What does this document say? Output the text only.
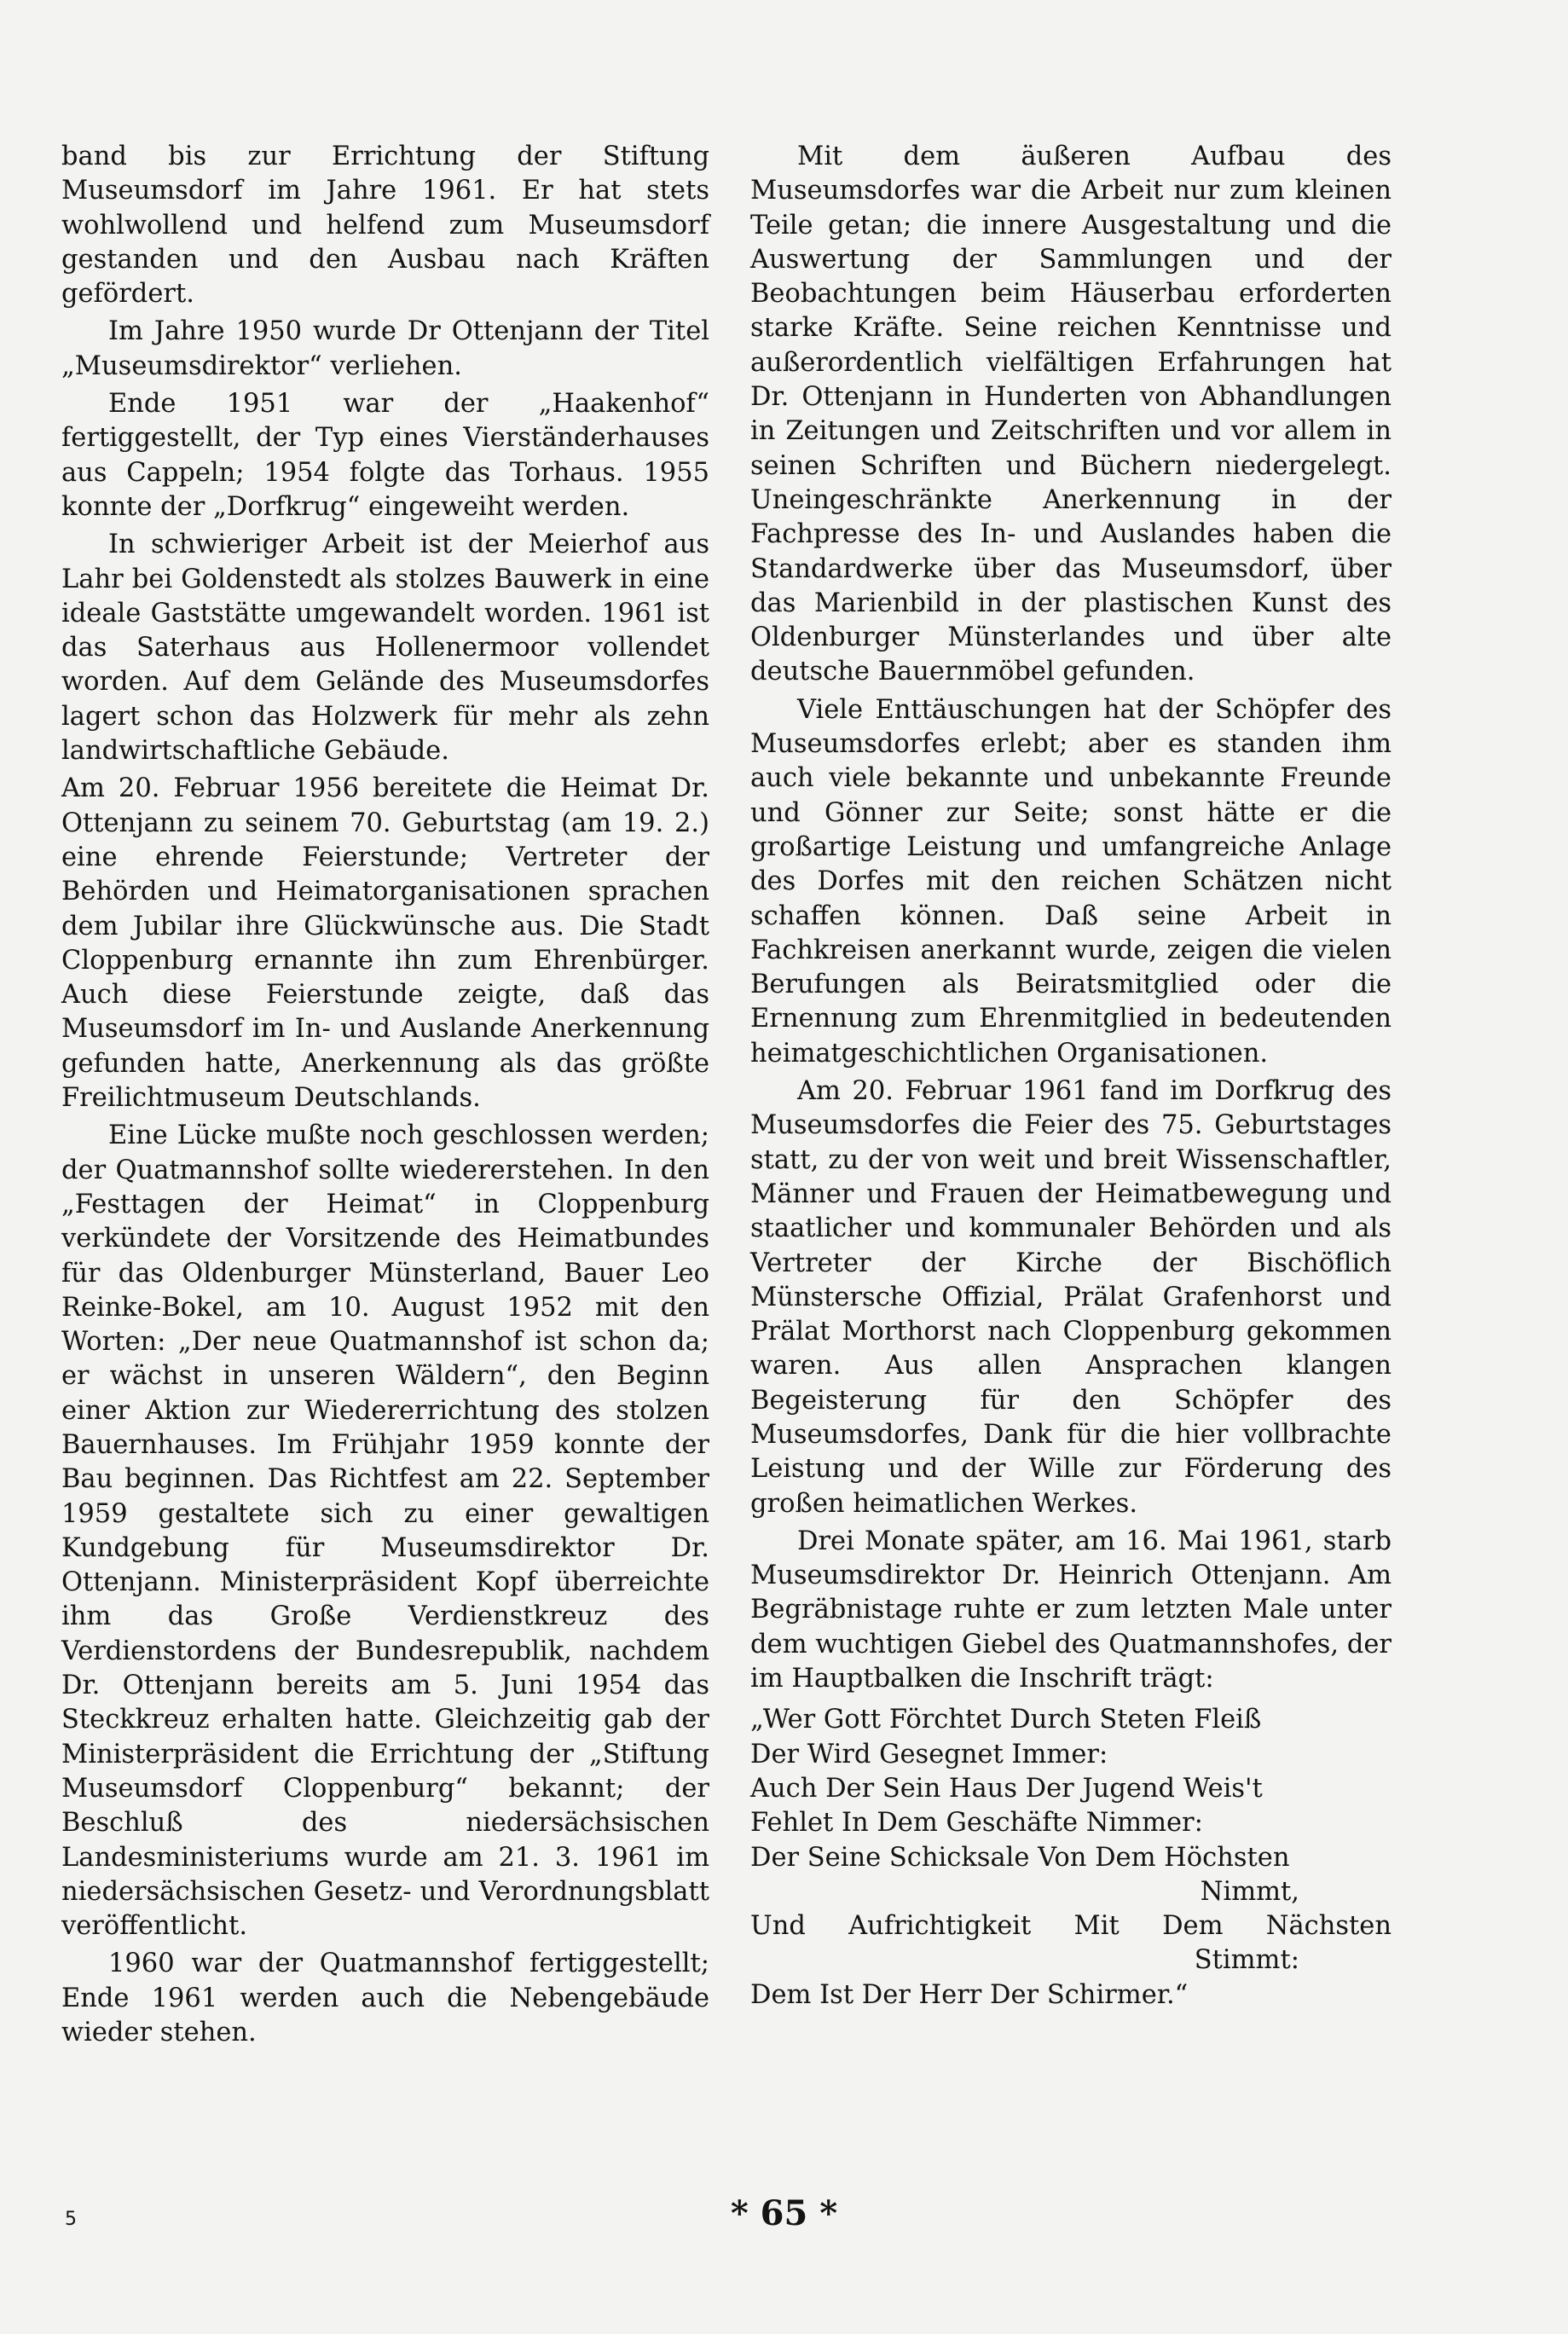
band bis zur Errichtung der Stiftung Museumsdorf im Jahre 1961. Er hat stets wohlwollend und helfend zum Museumsdorf gestanden und den Ausbau nach Kräften gefördert.

Im Jahre 1950 wurde Dr Ottenjann der Titel „Museumsdirektor“ verliehen.

Ende 1951 war der „Haakenhof“ fertiggestellt, der Typ eines Vierständerhauses aus Cappeln; 1954 folgte das Torhaus. 1955 konnte der „Dorfkrug“ eingeweiht werden.

In schwieriger Arbeit ist der Meierhof aus Lahr bei Goldenstedt als stolzes Bauwerk in eine ideale Gaststätte umgewandelt worden. 1961 ist das Saterhaus aus Hollenermoor vollendet worden. Auf dem Gelände des Museumsdorfes lagert schon das Holzwerk für mehr als zehn landwirtschaftliche Gebäude.

Am 20. Februar 1956 bereitete die Heimat Dr. Ottenjann zu seinem 70. Geburtstag (am 19. 2.) eine ehrende Feierstunde; Vertreter der Behörden und Heimatorganisationen sprachen dem Jubilar ihre Glückwünsche aus. Die Stadt Cloppenburg ernannte ihn zum Ehrenbürger. Auch diese Feierstunde zeigte, daß das Museumsdorf im In- und Auslande Anerkennung gefunden hatte, Anerkennung als das größte Freilichtmuseum Deutschlands.

Eine Lücke mußte noch geschlossen werden; der Quatmannshof sollte wiedererstehen. In den „Festtagen der Heimat“ in Cloppenburg verkündete der Vorsitzende des Heimatbundes für das Oldenburger Münsterland, Bauer Leo Reinke-Bokel, am 10. August 1952 mit den Worten: „Der neue Quatmannshof ist schon da; er wächst in unseren Wäldern“, den Beginn einer Aktion zur Wiedererrichtung des stolzen Bauernhauses. Im Frühjahr 1959 konnte der Bau beginnen. Das Richtfest am 22. September 1959 gestaltete sich zu einer gewaltigen Kundgebung für Museumsdirektor Dr. Ottenjann. Ministerpräsident Kopf überreichte ihm das Große Verdienstkreuz des Verdienstordens der Bundesrepublik, nachdem Dr. Ottenjann bereits am 5. Juni 1954 das Steckkreuz erhalten hatte. Gleichzeitig gab der Ministerpräsident die Errichtung der „Stiftung Museumsdorf Cloppenburg“ bekannt; der Beschluß des niedersächsischen Landesministeriums wurde am 21. 3. 1961 im niedersächsischen Gesetz- und Verordnungsblatt veröffentlicht.

1960 war der Quatmannshof fertiggestellt; Ende 1961 werden auch die Nebengebäude wieder stehen.

Mit dem äußeren Aufbau des Museumsdorfes war die Arbeit nur zum kleinen Teile getan; die innere Ausgestaltung und die Auswertung der Sammlungen und der Beobachtungen beim Häuserbau erforderten starke Kräfte. Seine reichen Kenntnisse und außerordentlich vielfältigen Erfahrungen hat Dr. Ottenjann in Hunderten von Abhandlungen in Zeitungen und Zeitschriften und vor allem in seinen Schriften und Büchern niedergelegt. Uneingeschränkte Anerkennung in der Fachpresse des In- und Auslandes haben die Standardwerke über das Museumsdorf, über das Marienbild in der plastischen Kunst des Oldenburger Münsterlandes und über alte deutsche Bauernmöbel gefunden.

Viele Enttäuschungen hat der Schöpfer des Museumsdorfes erlebt; aber es standen ihm auch viele bekannte und unbekannte Freunde und Gönner zur Seite; sonst hätte er die großartige Leistung und umfangreiche Anlage des Dorfes mit den reichen Schätzen nicht schaffen können. Daß seine Arbeit in Fachkreisen anerkannt wurde, zeigen die vielen Berufungen als Beiratsmitglied oder die Ernennung zum Ehrenmitglied in bedeutenden heimatgeschichtlichen Organisationen.

Am 20. Februar 1961 fand im Dorfkrug des Museumsdorfes die Feier des 75. Geburtstages statt, zu der von weit und breit Wissenschaftler, Männer und Frauen der Heimatbewegung und staatlicher und kommunaler Behörden und als Vertreter der Kirche der Bischöflich Münstersche Offizial, Prälat Grafenhorst und Prälat Morthorst nach Cloppenburg gekommen waren. Aus allen Ansprachen klangen Begeisterung für den Schöpfer des Museumsdorfes, Dank für die hier vollbrachte Leistung und der Wille zur Förderung des großen heimatlichen Werkes.

Drei Monate später, am 16. Mai 1961, starb Museumsdirektor Dr. Heinrich Ottenjann. Am Begräbnistage ruhte er zum letzten Male unter dem wuchtigen Giebel des Quatmannshofes, der im Hauptbalken die Inschrift trägt:

„Wer Gott Förchtet Durch Steten Fleiß
Der Wird Gesegnet Immer:
Auch Der Sein Haus Der Jugend Weis't
Fehlet In Dem Geschäfte Nimmer:
Der Seine Schicksale Von Dem Höchsten
Nimmt,
Und Aufrichtigkeit Mit Dem Nächsten
Stimmt:
Dem Ist Der Herr Der Schirmer.“
5	* 65 *
